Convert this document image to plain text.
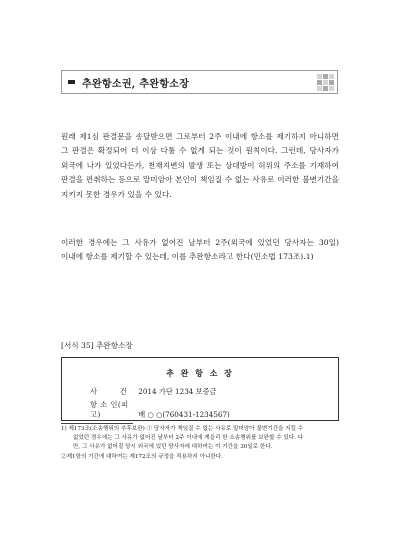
추완항소권, 추완항소장

원래 제1심 판결문을 송달받으면 그로부터 2주 이내에 항소를 제기하지 아니하면 그 판결은 확정되어 더 이상 다툴 수 없게 되는 것이 원칙이다. 그런데, 당사자가 외국에 나가 있었다든가, 천재지변의 발생 또는 상대방이 허위의 주소를 기재하여 판결을 편취하는 등으로 말미암아 본인이 책임질 수 없는 사유로 이러한 불변기간을 지키지 못한 경우가 있을 수 있다.

이러한 경우에는 그 사유가 없어진 날부터 2주(외국에 있었던 당사자는 30일)이내에 항소를 제기할 수 있는데, 이를 추완항소라고 한다(민소법 173조).1)

[서식 35] 추완항소장
추 완 항 소 장
사        건 2014 가단 1234 보증금
항 소 인(피고)	배 ○ ○(760431-1234567)
1) 제173조(소송행위의 추후보완) ① 당사자가 책임질 수 없는 사유로 말미암아 불변기간을 지킬 수
없었던 경우에는 그 사유가 없어진 날부터 2주 이내에 게을리 한 소송행위를 보완할 수 있다. 다
만, 그 사유가 없어질 당시 외국에 있던 당사자에 대하여는 이 기간을 30일로 한다.
②제1항의 기간에 대하여는 제172조의 규정을 적용하지 아니한다.
